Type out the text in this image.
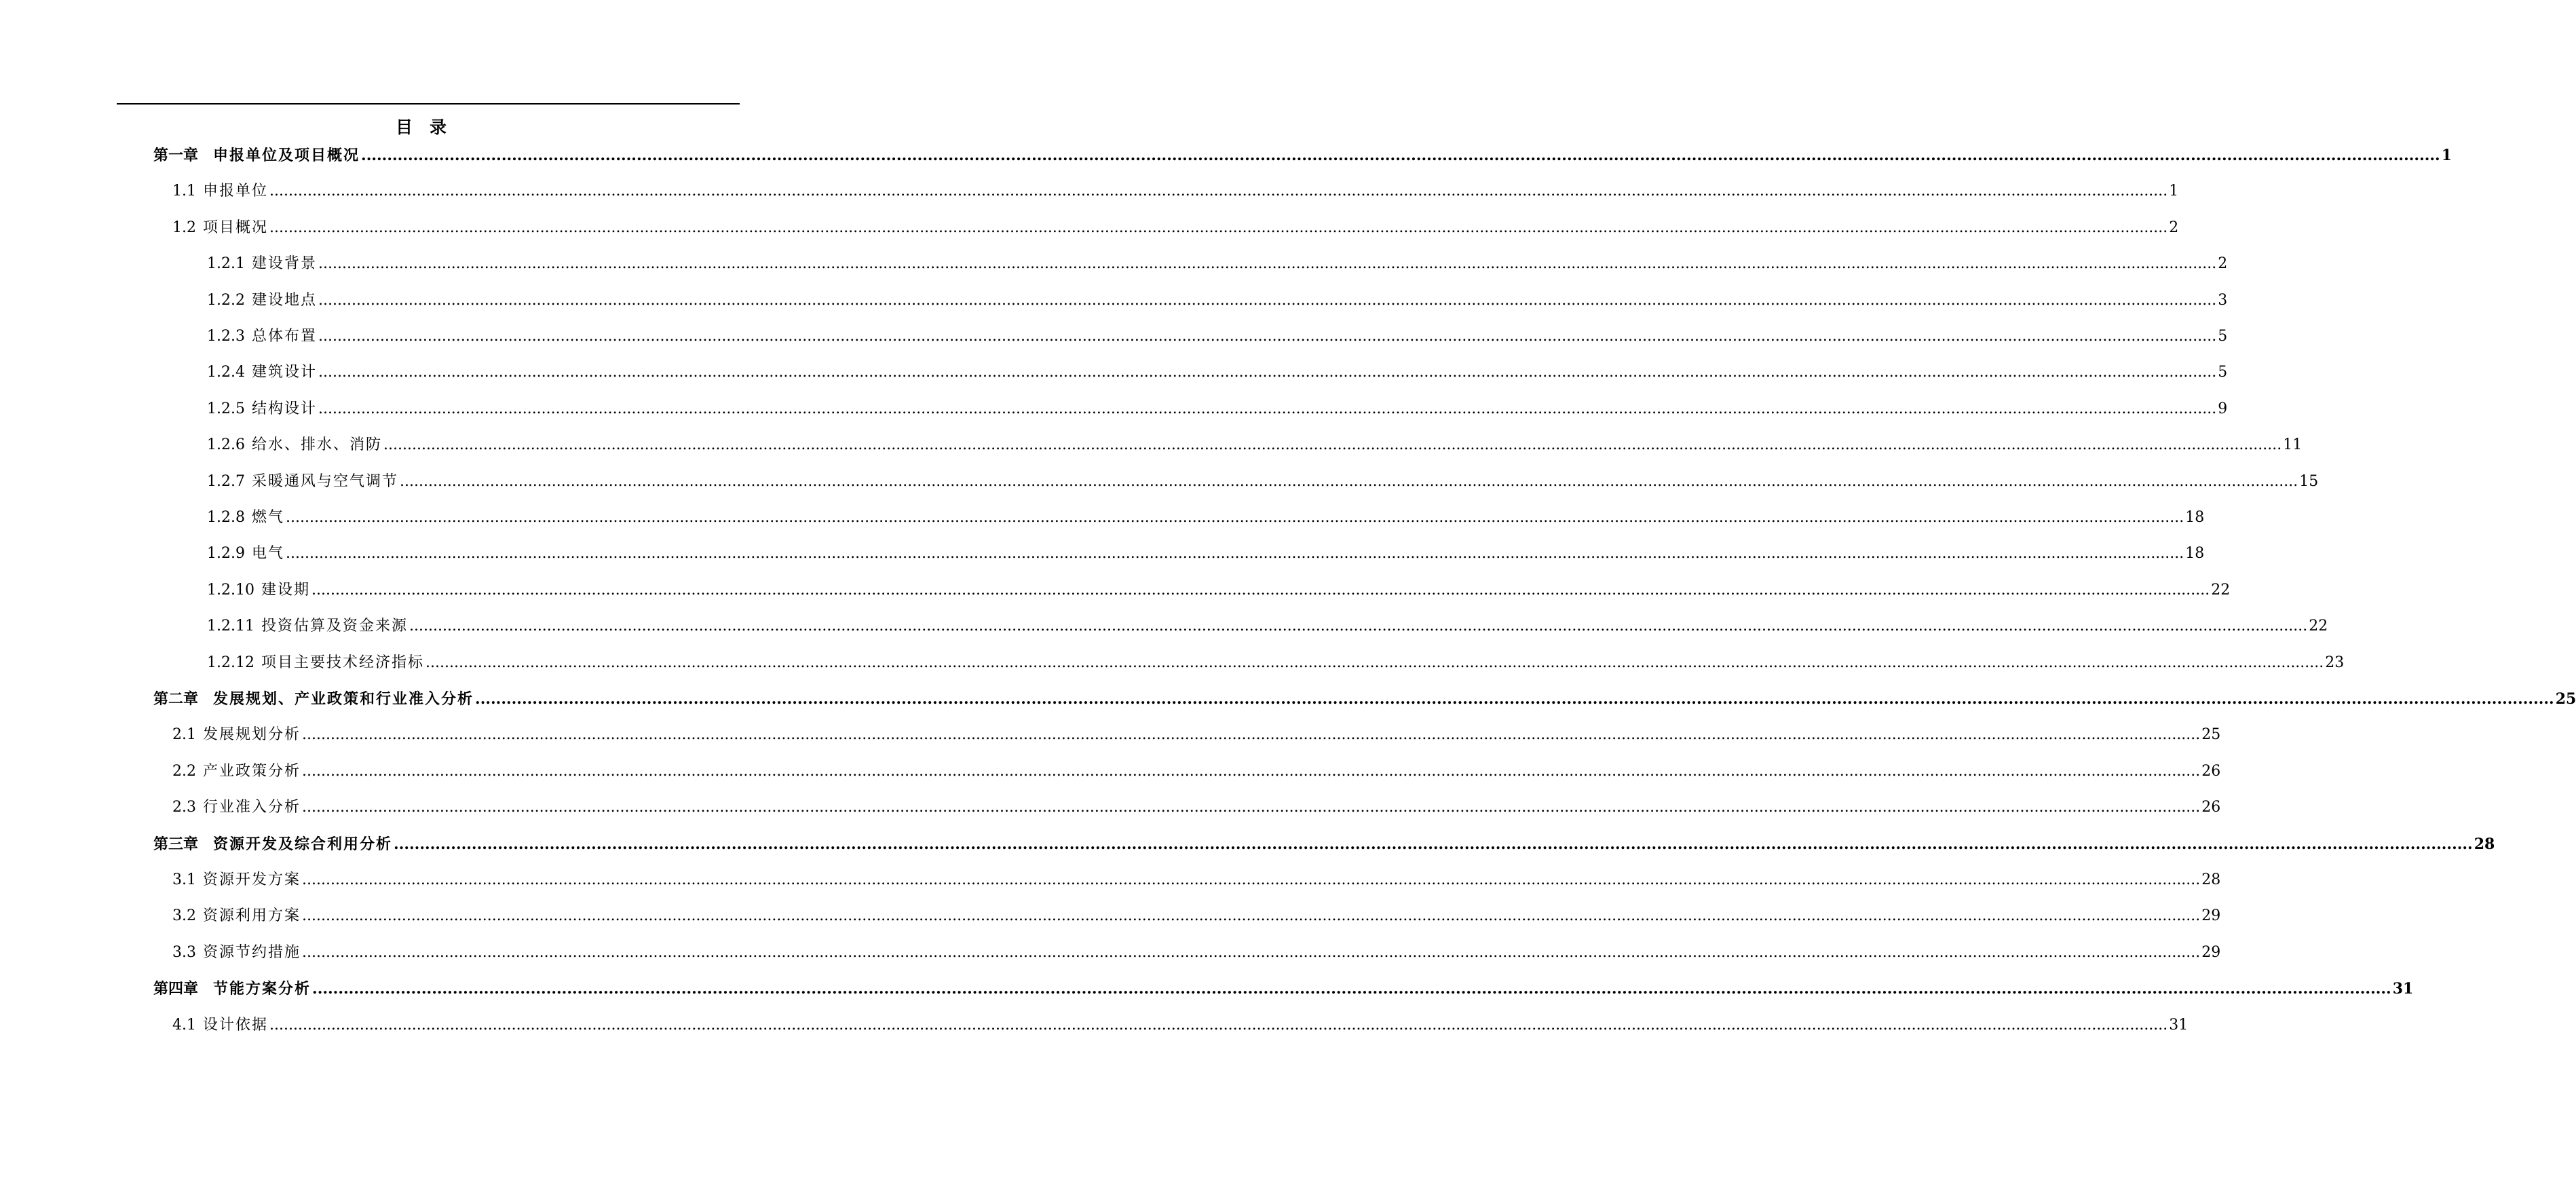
目　录
第一章 申报单位及项目概况 ................................................................................................................................................................................................................................................................................................................................................................................................................ 1
1.1 申报单位 ................................................................................................................................................................................................................................................................................................................................................................................................................ 1
1.2 项目概况 ................................................................................................................................................................................................................................................................................................................................................................................................................ 2
1.2.1 建设背景 ................................................................................................................................................................................................................................................................................................................................................................................................................ 2
1.2.2 建设地点 ................................................................................................................................................................................................................................................................................................................................................................................................................ 3
1.2.3 总体布置 ................................................................................................................................................................................................................................................................................................................................................................................................................ 5
1.2.4 建筑设计 ................................................................................................................................................................................................................................................................................................................................................................................................................ 5
1.2.5 结构设计 ................................................................................................................................................................................................................................................................................................................................................................................................................ 9
1.2.6 给水、排水、消防 ................................................................................................................................................................................................................................................................................................................................................................................................................ 11
1.2.7 采暖通风与空气调节 ................................................................................................................................................................................................................................................................................................................................................................................................................ 15
1.2.8 燃气 ................................................................................................................................................................................................................................................................................................................................................................................................................ 18
1.2.9 电气 ................................................................................................................................................................................................................................................................................................................................................................................................................ 18
1.2.10 建设期 ................................................................................................................................................................................................................................................................................................................................................................................................................ 22
1.2.11 投资估算及资金来源 ................................................................................................................................................................................................................................................................................................................................................................................................................ 22
1.2.12 项目主要技术经济指标 ................................................................................................................................................................................................................................................................................................................................................................................................................ 23
第二章 发展规划、产业政策和行业准入分析 ................................................................................................................................................................................................................................................................................................................................................................................................................ 25
2.1 发展规划分析 ................................................................................................................................................................................................................................................................................................................................................................................................................ 25
2.2 产业政策分析 ................................................................................................................................................................................................................................................................................................................................................................................................................ 26
2.3 行业准入分析 ................................................................................................................................................................................................................................................................................................................................................................................................................ 26
第三章 资源开发及综合利用分析 ................................................................................................................................................................................................................................................................................................................................................................................................................ 28
3.1 资源开发方案 ................................................................................................................................................................................................................................................................................................................................................................................................................ 28
3.2 资源利用方案 ................................................................................................................................................................................................................................................................................................................................................................................................................ 29
3.3 资源节约措施 ................................................................................................................................................................................................................................................................................................................................................................................................................ 29
第四章 节能方案分析 ................................................................................................................................................................................................................................................................................................................................................................................................................ 31
4.1 设计依据 ................................................................................................................................................................................................................................................................................................................................................................................................................ 31
